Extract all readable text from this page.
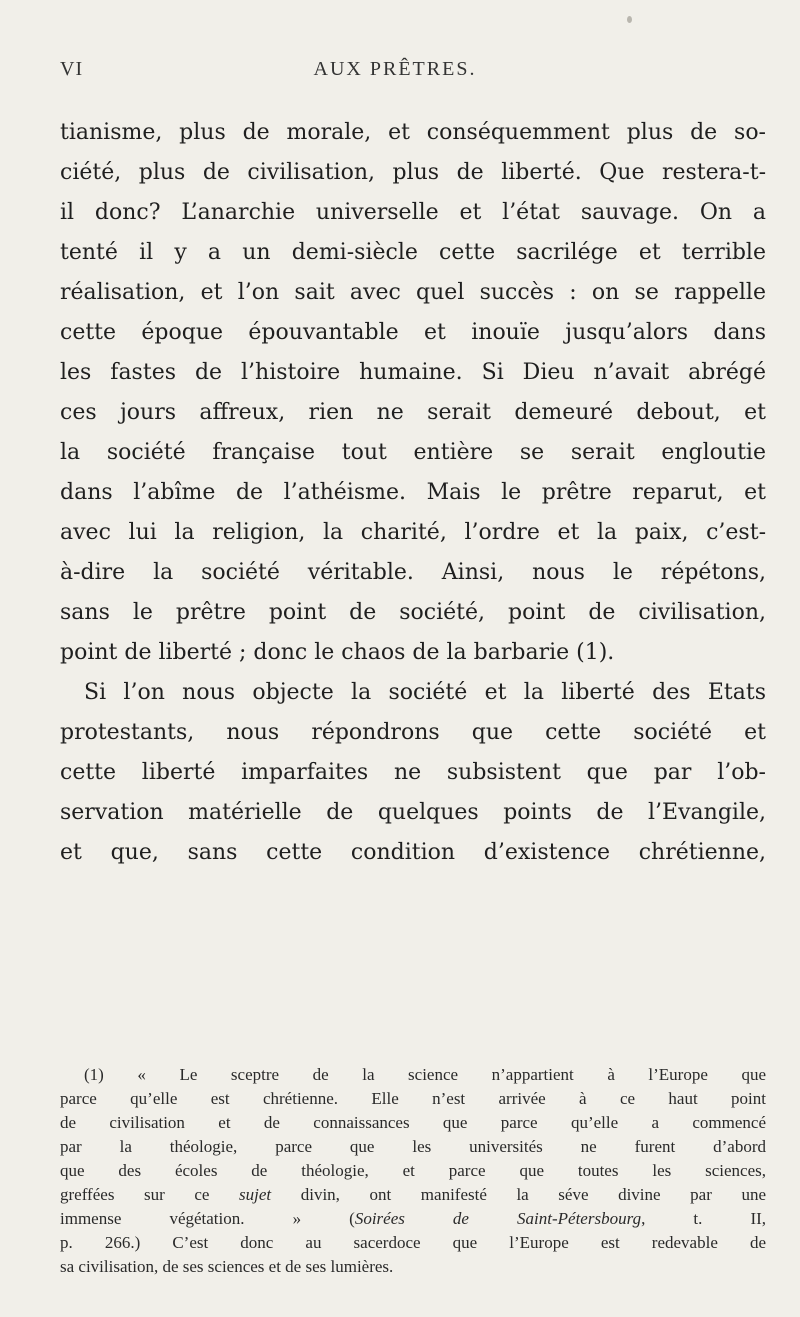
VI	AUX PRÊTRES.
tianisme, plus de morale, et conséquemment plus de so-
ciété, plus de civilisation, plus de liberté. Que restera-t-
il donc? L’anarchie universelle et l’état sauvage. On a
tenté il y a un demi-siècle cette sacrilége et terrible
réalisation, et l’on sait avec quel succès : on se rappelle
cette époque épouvantable et inouïe jusqu’alors dans
les fastes de l’histoire humaine. Si Dieu n’avait abrégé
ces jours affreux, rien ne serait demeuré debout, et
la société française tout entière se serait engloutie
dans l’abîme de l’athéisme. Mais le prêtre reparut, et
avec lui la religion, la charité, l’ordre et la paix, c’est-
à-dire la société véritable. Ainsi, nous le répétons,
sans le prêtre point de société, point de civilisation,
point de liberté ; donc le chaos de la barbarie (1).
Si l’on nous objecte la société et la liberté des Etats
protestants, nous répondrons que cette société et
cette liberté imparfaites ne subsistent que par l’ob-
servation matérielle de quelques points de l’Evangile,
et que, sans cette condition d’existence chrétienne,
(1) « Le sceptre de la science n’appartient à l’Europe que
parce qu’elle est chrétienne. Elle n’est arrivée à ce haut point
de civilisation et de connaissances que parce qu’elle a commencé
par la théologie, parce que les universités ne furent d’abord
que des écoles de théologie, et parce que toutes les sciences,
greffées sur ce sujet divin, ont manifesté la séve divine par une
immense végétation. » (Soirées de Saint-Pétersbourg, t. II,
p. 266.) C’est donc au sacerdoce que l’Europe est redevable de
sa civilisation, de ses sciences et de ses lumières.
